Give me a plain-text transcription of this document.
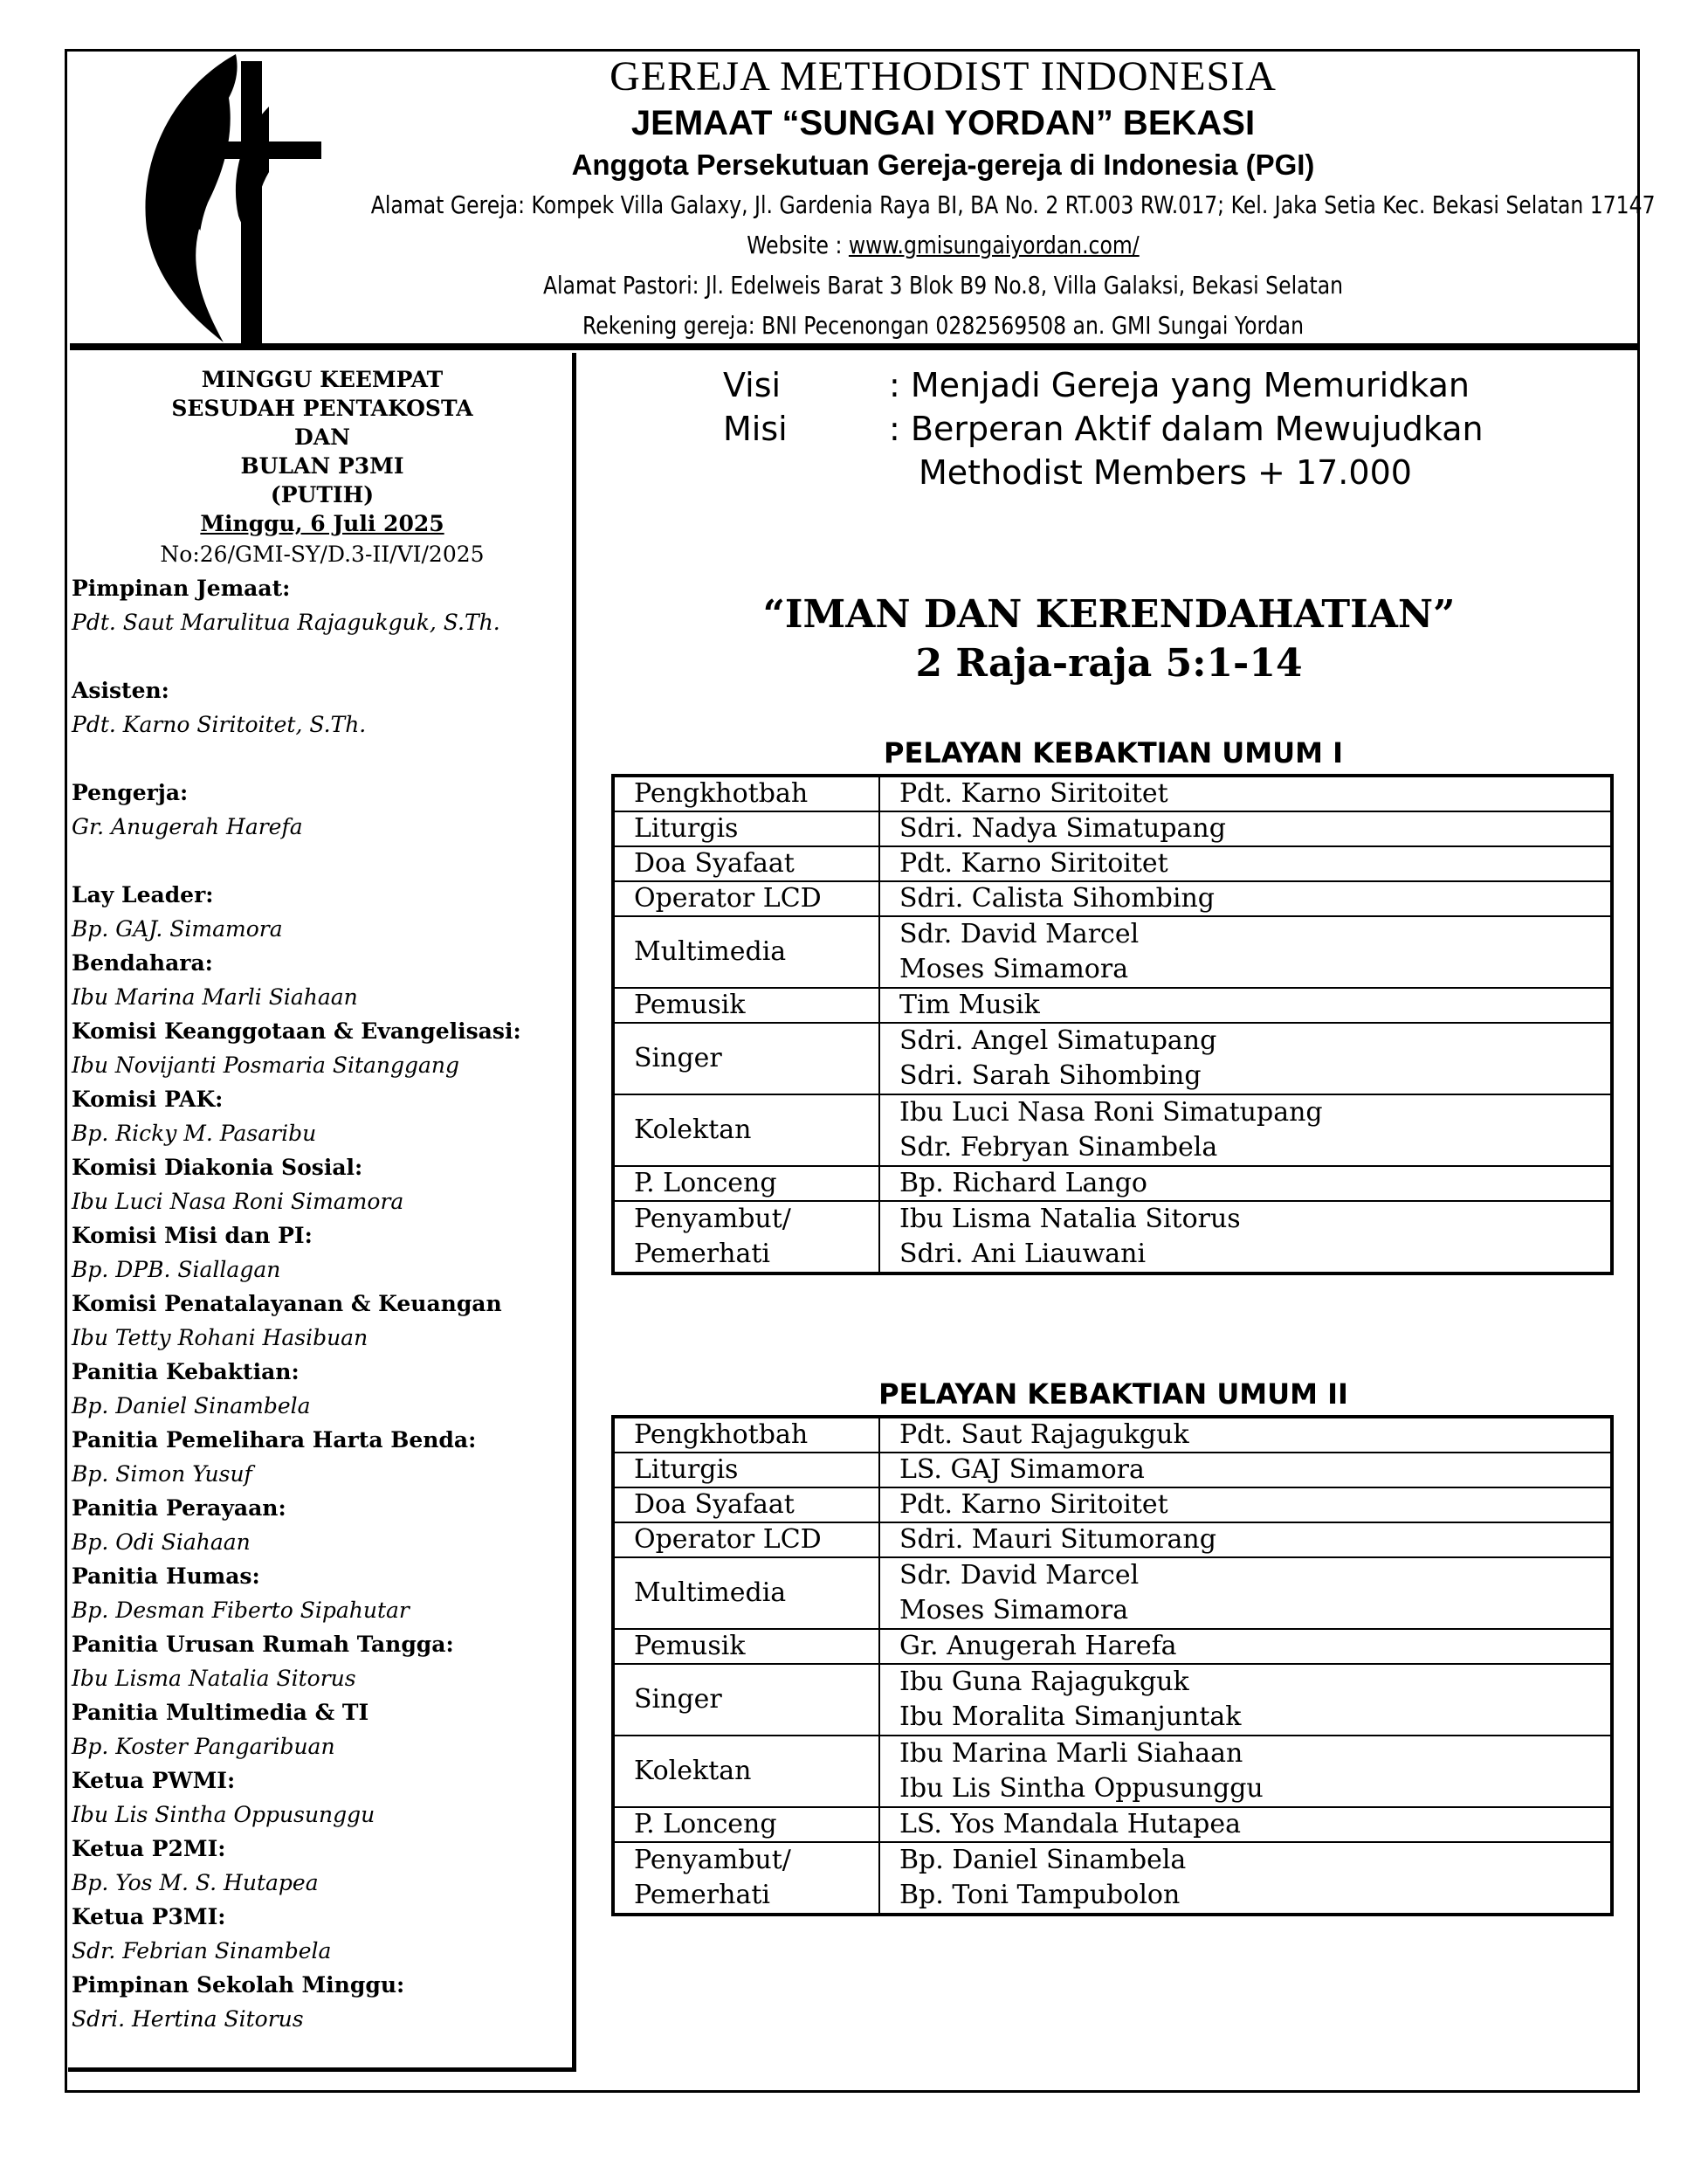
GEREJA METHODIST INDONESIA
JEMAAT “SUNGAI YORDAN” BEKASI
Anggota Persekutuan Gereja-gereja di Indonesia (PGI)
Alamat Gereja: Kompek Villa Galaxy, Jl. Gardenia Raya BI, BA No. 2 RT.003 RW.017; Kel. Jaka Setia Kec. Bekasi Selatan 17147
Website : www.gmisungaiyordan.com/
Alamat Pastori: Jl. Edelweis Barat 3 Blok B9 No.8, Villa Galaksi, Bekasi Selatan
Rekening gereja: BNI Pecenongan 0282569508 an. GMI Sungai Yordan
MINGGU KEEMPAT
SESUDAH PENTAKOSTA
DAN
BULAN P3MI
(PUTIH)
Minggu, 6 Juli 2025
No:26/GMI-SY/D.3-II/VI/2025
Pimpinan Jemaat:
Pdt. Saut Marulitua Rajagukguk, S.Th.
Asisten:
Pdt. Karno Siritoitet, S.Th.
Pengerja:
Gr. Anugerah Harefa
Lay Leader:
Bp. GAJ. Simamora
Bendahara:
Ibu Marina Marli Siahaan
Komisi Keanggotaan & Evangelisasi:
Ibu Novijanti Posmaria Sitanggang
Komisi PAK:
Bp. Ricky M. Pasaribu
Komisi Diakonia Sosial:
Ibu Luci Nasa Roni Simamora
Komisi Misi dan PI:
Bp. DPB. Siallagan
Komisi Penatalayanan & Keuangan
Ibu Tetty Rohani Hasibuan
Panitia Kebaktian:
Bp. Daniel Sinambela
Panitia Pemelihara Harta Benda:
Bp. Simon Yusuf
Panitia Perayaan:
Bp. Odi Siahaan
Panitia Humas:
Bp. Desman Fiberto Sipahutar
Panitia Urusan Rumah Tangga:
Ibu Lisma Natalia Sitorus
Panitia Multimedia & TI
Bp. Koster Pangaribuan
Ketua PWMI:
Ibu Lis Sintha Oppusunggu
Ketua P2MI:
Bp. Yos M. S. Hutapea
Ketua P3MI:
Sdr. Febrian Sinambela
Pimpinan Sekolah Minggu:
Sdri. Hertina Sitorus
Visi	: Menjadi Gereja yang Memuridkan
Misi	: Berperan Aktif dalam Mewujudkan
Methodist Members + 17.000
“IMAN DAN KERENDAHATIAN”
2 Raja-raja 5:1-14
PELAYAN KEBAKTIAN UMUM I
Pengkhotbah	Pdt. Karno Siritoitet
Liturgis	Sdri. Nadya Simatupang
Doa Syafaat	Pdt. Karno Siritoitet
Operator LCD	Sdri. Calista Sihombing
Multimedia	Sdr. David Marcel
Moses Simamora

Pemusik	Tim Musik
Singer	Sdri. Angel Simatupang
Sdri. Sarah Sihombing

Kolektan	Ibu Luci Nasa Roni Simatupang
Sdr. Febryan Sinambela

P. Lonceng	Bp. Richard Lango
Penyambut/ Pemerhati	Ibu Lisma Natalia Sitorus
Sdri. Ani Liauwani
PELAYAN KEBAKTIAN UMUM II
Pengkhotbah	Pdt. Saut Rajagukguk
Liturgis	LS. GAJ Simamora
Doa Syafaat	Pdt. Karno Siritoitet
Operator LCD	Sdri. Mauri Situmorang
Multimedia	Sdr. David Marcel
Moses Simamora

Pemusik	Gr. Anugerah Harefa
Singer	Ibu Guna Rajagukguk
Ibu Moralita Simanjuntak

Kolektan	Ibu Marina Marli Siahaan
Ibu Lis Sintha Oppusunggu

P. Lonceng	LS. Yos Mandala Hutapea
Penyambut/ Pemerhati	Bp. Daniel Sinambela
Bp. Toni Tampubolon
